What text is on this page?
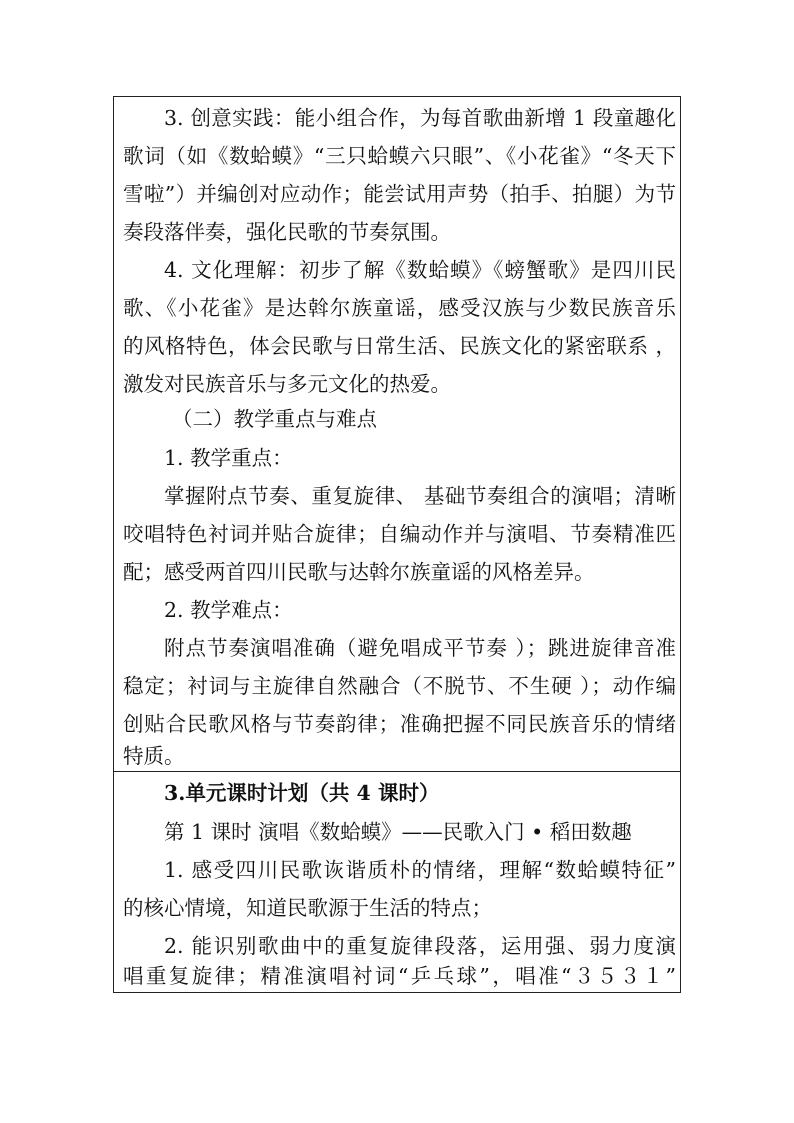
3. 创意实践：能小组合作，为每首歌曲新增 1 段童趣化
歌词（如《数蛤蟆》“三只蛤蟆六只眼”、《小花雀》“冬天下
雪啦”）并编创对应动作；能尝试用声势（拍手、拍腿）为节
奏段落伴奏，强化民歌的节奏氛围。
4. 文化理解：初步了解《数蛤蟆》《螃蟹歌》是四川民
歌、《小花雀》是达斡尔族童谣，感受汉族与少数民族音乐
的风格特色，体会民歌与日常生活、民族文化的紧密联系 ，
激发对民族音乐与多元文化的热爱。
（二）教学重点与难点
1. 教学重点：
掌握附点节奏、重复旋律、 基础节奏组合的演唱；清晰
咬唱特色衬词并贴合旋律；自编动作并与演唱、节奏精准匹
配；感受两首四川民歌与达斡尔族童谣的风格差异。
2. 教学难点：
附点节奏演唱准确（避免唱成平节奏 ）；跳进旋律音准
稳定；衬词与主旋律自然融合（不脱节、不生硬 ）；动作编
创贴合民歌风格与节奏韵律；准确把握不同民族音乐的情绪
特质。
3.单元课时计划（共 4 课时）
第 1 课时 演唱《数蛤蟆》——民歌入门 • 稻田数趣
1. 感受四川民歌诙谐质朴的情绪，理解“数蛤蟆特征”
的核心情境，知道民歌源于生活的特点；
2. 能识别歌曲中的重复旋律段落，运用强、弱力度演
唱重复旋律；精准演唱衬词“乒乓球”，唱准“３５３１”
